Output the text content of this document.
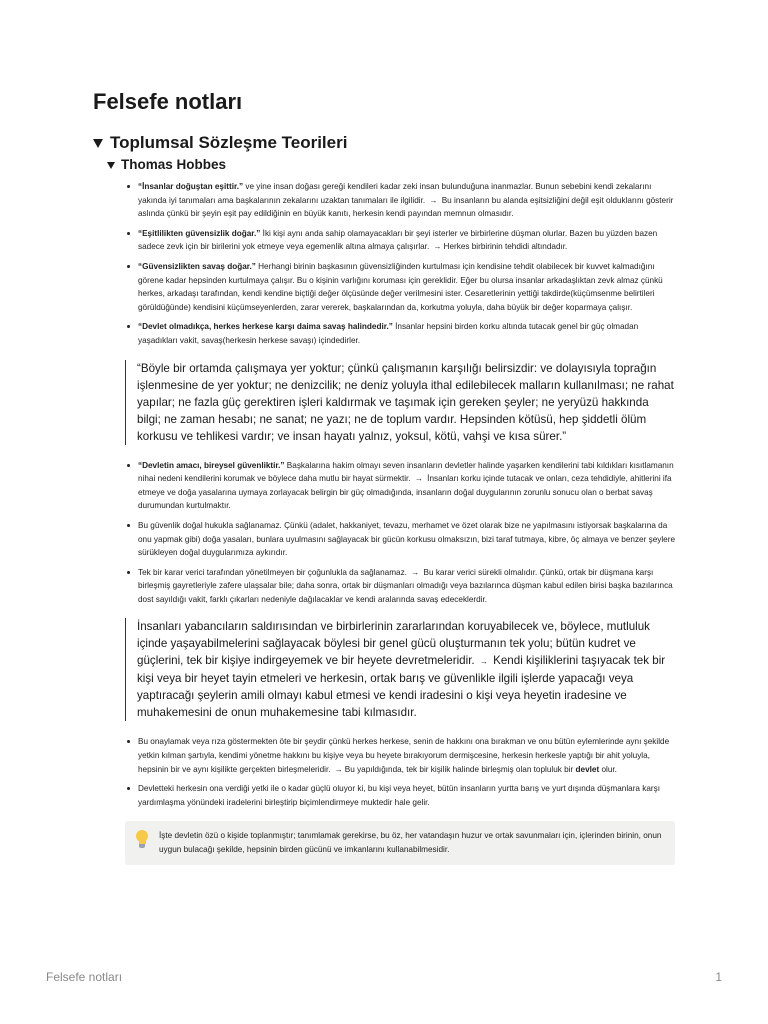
Felsefe notları
Toplumsal Sözleşme Teorileri
Thomas Hobbes
“İnsanlar doğuştan eşittir.” ve yine insan doğası gereği kendileri kadar zeki insan bulunduğuna inanmazlar. Bunun sebebini kendi zekalarını yakında iyi tanımaları ama başkalarının zekalarını uzaktan tanımaları ile ilgilidir. → Bu insanların bu alanda eşitsizliğini değil eşit olduklarını gösterir aslında çünkü bir şeyin eşit pay edildiğinin en büyük kanıtı, herkesin kendi payından memnun olmasıdır.
“Eşitlilikten güvensizlik doğar.” İki kişi aynı anda sahip olamayacakları bir şeyi isterler ve birbirlerine düşman olurlar. Bazen bu yüzden bazen sadece zevk için bir birilerini yok etmeye veya egemenlik altına almaya çalışırlar. → Herkes birbirinin tehdidi altındadır.
“Güvensizlikten savaş doğar.” Herhangi birinin başkasının güvensizliğinden kurtulması için kendisine tehdit olabilecek bir kuvvet kalmadığını görene kadar hepsinden kurtulmaya çalışır. Bu o kişinin varlığını koruması için gereklidir. Eğer bu olursa insanlar arkadaşlıktan zevk almaz çünkü herkes, arkadaşı tarafından, kendi kendine biçtiği değer ölçüsünde değer verilmesini ister. Cesaretlerinin yettiği takdirde(küçümsenme belirtileri görüldüğünde) kendisini küçümseyenlerden, zarar vererek, başkalarından da, korkutma yoluyla, daha büyük bir değer koparmaya çalışır.
“Devlet olmadıkça, herkes herkese karşı daima savaş halindedir.” İnsanlar hepsini birden korku altında tutacak genel bir güç olmadan yaşadıkları vakit, savaş(herkesin herkese savaşı) içindedirler.
“Böyle bir ortamda çalışmaya yer yoktur; çünkü çalışmanın karşılığı belirsizdir: ve dolayısıyla toprağın işlenmesine de yer yoktur; ne denizcilik; ne deniz yoluyla ithal edilebilecek malların kullanılması; ne rahat yapılar; ne fazla güç gerektiren işleri kaldırmak ve taşımak için gereken şeyler; ne yeryüzü hakkında bilgi; ne zaman hesabı; ne sanat; ne yazı; ne de toplum vardır. Hepsinden kötüsü, hep şiddetli ölüm korkusu ve tehlikesi vardır; ve insan hayatı yalnız, yoksul, kötü, vahşi ve kısa sürer.”
“Devletin amacı, bireysel güvenliktir.” Başkalarına hakim olmayı seven insanların devletler halinde yaşarken kendilerini tabi kıldıkları kısıtlamanın nihai nedeni kendilerini korumak ve böylece daha mutlu bir hayat sürmektir. → İnsanları korku içinde tutacak ve onları, ceza tehdidiyle, ahitlerini ifa etmeye ve doğa yasalarına uymaya zorlayacak belirgin bir güç olmadığında, insanların doğal duygularının zorunlu sonucu olan o berbat savaş durumundan kurtulmaktır.
Bu güvenlik doğal hukukla sağlanamaz. Çünkü (adalet, hakkaniyet, tevazu, merhamet ve özet olarak bize ne yapılmasını istiyorsak başkalarına da onu yapmak gibi) doğa yasaları, bunlara uyulmasını sağlayacak bir gücün korkusu olmaksızın, bizi taraf tutmaya, kibre, öç almaya ve benzer şeylere sürükleyen doğal duygularımıza aykırıdır.
Tek bir karar verici tarafından yönetilmeyen bir çoğunlukla da sağlanamaz. → Bu karar verici sürekli olmalıdır. Çünkü, ortak bir düşmana karşı birleşmiş gayretleriyle zafere ulaşsalar bile; daha sonra, ortak bir düşmanları olmadığı veya bazılarınca düşman kabul edilen birisi başka bazılarınca dost sayıldığı vakit, farklı çıkarları nedeniyle dağılacaklar ve kendi aralarında savaş edeceklerdir.
İnsanları yabancıların saldırısından ve birbirlerinin zararlarından koruyabilecek ve, böylece, mutluluk içinde yaşayabilmelerini sağlayacak böylesi bir genel gücü oluşturmanın tek yolu; bütün kudret ve güçlerini, tek bir kişiye indirgeyemek ve bir heyete devretmeleridir. → Kendi kişiliklerini taşıyacak tek bir kişi veya bir heyet tayin etmeleri ve herkesin, ortak barış ve güvenlikle ilgili işlerde yapacağı veya yaptıracağı şeylerin amili olmayı kabul etmesi ve kendi iradesini o kişi veya heyetin iradesine ve muhakemesini de onun muhakemesine tabi kılmasıdır.
Bu onaylamak veya rıza göstermekten öte bir şeydir çünkü herkes herkese, senin de hakkını ona bırakman ve onu bütün eylemlerinde aynı şekilde yetkin kılman şartıyla, kendimi yönetme hakkını bu kişiye veya bu heyete bırakıyorum dermişcesine, herkesin herkesle yaptığı bir ahit yoluyla, hepsinin bir ve aynı kişilikte gerçekten birleşmeleridir. → Bu yapıldığında, tek bir kişilik halinde birleşmiş olan topluluk bir devlet olur.
Devletteki herkesin ona verdiği yetki ile o kadar güçlü oluyor ki, bu kişi veya heyet, bütün insanların yurtta barış ve yurt dışında düşmanlara karşı yardımlaşma yönündeki iradelerini birleştirip biçimlendirmeye muktedir hale gelir.
İşte devletin özü o kişide toplanmıştır; tanımlamak gerekirse, bu öz, her vatandaşın huzur ve ortak savunmaları için, içlerinden birinin, onun uygun bulacağı şekilde, hepsinin birden gücünü ve imkanlarını kullanabilmesidir.
Felsefe notları	1
